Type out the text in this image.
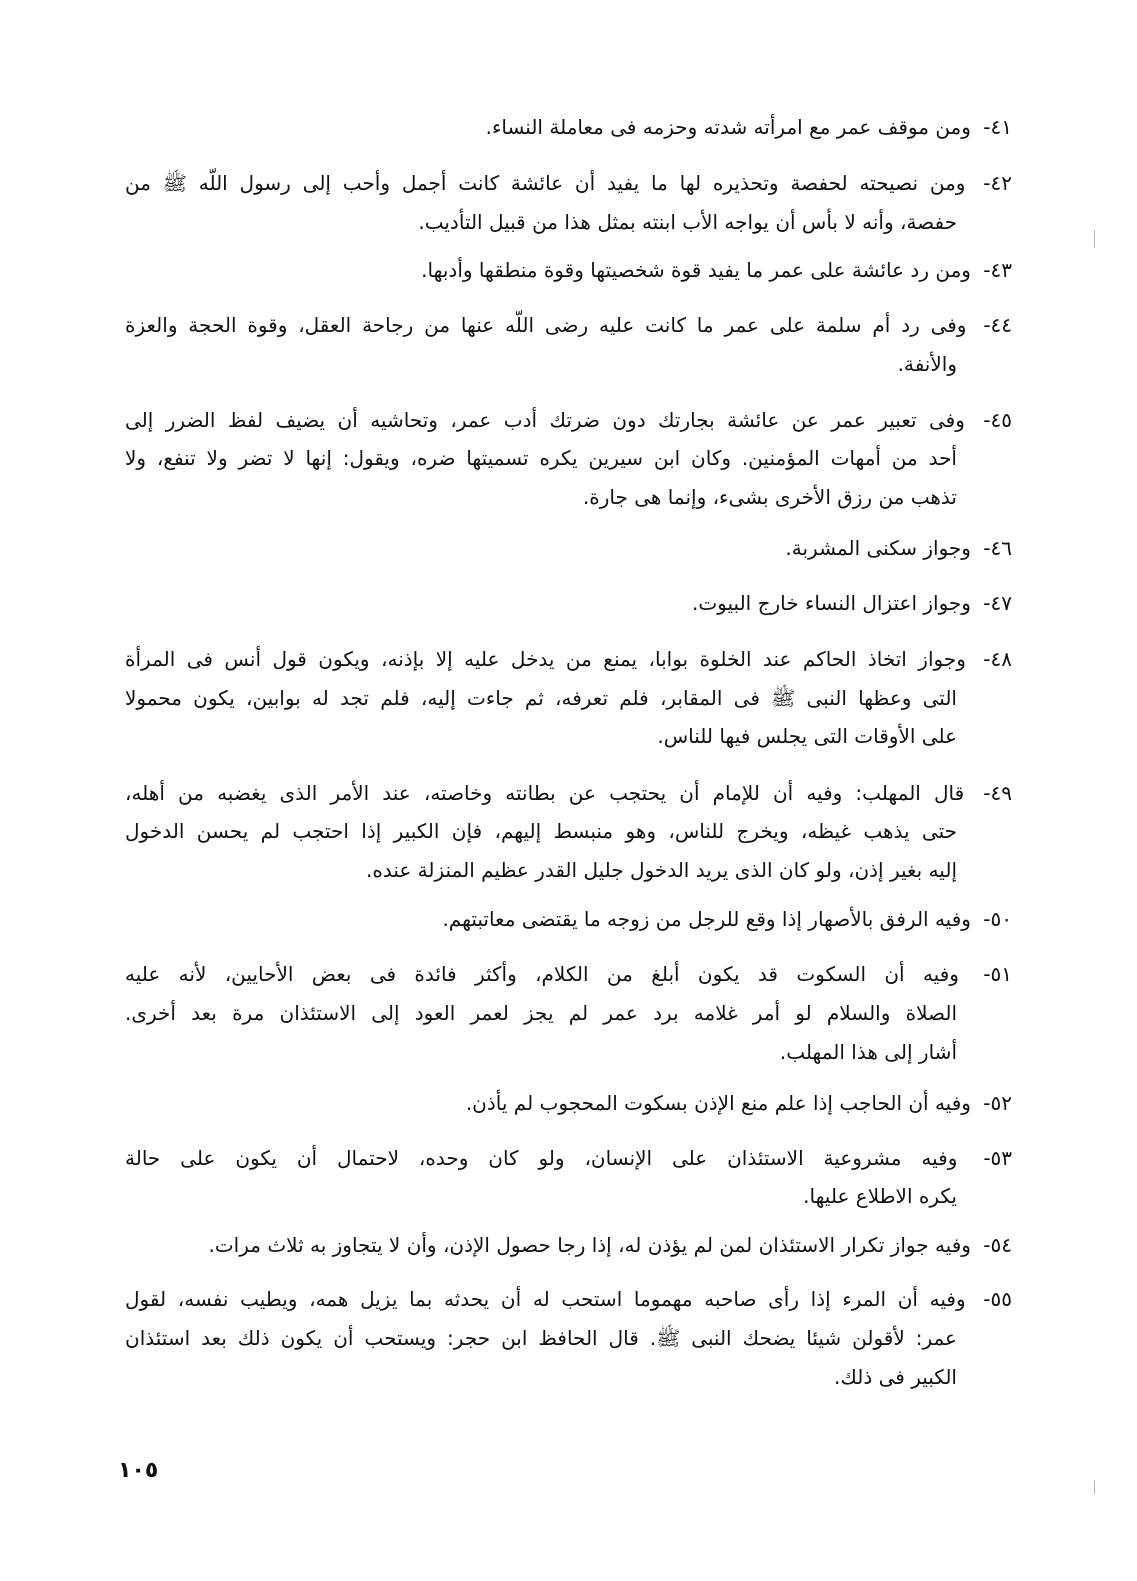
٤١- ومن موقف عمر مع امرأته شدته وحزمه فى معاملة النساء.
٤٢- ومن نصيحته لحفصة وتحذيره لها ما يفيد أن عائشة كانت أجمل وأحب إلى رسول اللّه ﷺ من
حفصة، وأنه لا بأس أن يواجه الأب ابنته بمثل هذا من قبيل التأديب.
٤٣- ومن رد عائشة على عمر ما يفيد قوة شخصيتها وقوة منطقها وأدبها.
٤٤- وفى رد أم سلمة على عمر ما كانت عليه رضى اللّه عنها من رجاحة العقل، وقوة الحجة والعزة
والأنفة.
٤٥- وفى تعبير عمر عن عائشة بجارتك دون ضرتك أدب عمر، وتحاشيه أن يضيف لفظ الضرر إلى
أحد من أمهات المؤمنين. وكان ابن سيرين يكره تسميتها ضره، ويقول: إنها لا تضر ولا تنفع، ولا
تذهب من رزق الأخرى بشىء، وإنما هى جارة.
٤٦- وجواز سكنى المشربة.
٤٧- وجواز اعتزال النساء خارج البيوت.
٤٨- وجواز اتخاذ الحاكم عند الخلوة بوابا، يمنع من يدخل عليه إلا بإذنه، ويكون قول أنس فى المرأة
التى وعظها النبى ﷺ فى المقابر، فلم تعرفه، ثم جاءت إليه، فلم تجد له بوابين، يكون محمولا
على الأوقات التى يجلس فيها للناس.
٤٩- قال المهلب: وفيه أن للإمام أن يحتجب عن بطانته وخاصته، عند الأمر الذى يغضبه من أهله،
حتى يذهب غيظه، ويخرج للناس، وهو منبسط إليهم، فإن الكبير إذا احتجب لم يحسن الدخول
إليه بغير إذن، ولو كان الذى يريد الدخول جليل القدر عظيم المنزلة عنده.
٥٠- وفيه الرفق بالأصهار إذا وقع للرجل من زوجه ما يقتضى معاتبتهم.
٥١- وفيه أن السكوت قد يكون أبلغ من الكلام، وأكثر فائدة فى بعض الأحايين، لأنه عليه
الصلاة والسلام لو أمر غلامه برد عمر لم يجز لعمر العود إلى الاستئذان مرة بعد أخرى.
أشار إلى هذا المهلب.
٥٢- وفيه أن الحاجب إذا علم منع الإذن بسكوت المحجوب لم يأذن.
٥٣- وفيه مشروعية الاستئذان على الإنسان، ولو كان وحده، لاحتمال أن يكون على حالة
يكره الاطلاع عليها.
٥٤- وفيه جواز تكرار الاستئذان لمن لم يؤذن له، إذا رجا حصول الإذن، وأن لا يتجاوز به ثلاث مرات.
٥٥- وفيه أن المرء إذا رأى صاحبه مهموما استحب له أن يحدثه بما يزيل همه، ويطيب نفسه، لقول
عمر: لأقولن شيئا يضحك النبى ﷺ. قال الحافظ ابن حجر: ويستحب أن يكون ذلك بعد استئذان
الكبير فى ذلك.
١٠٥
